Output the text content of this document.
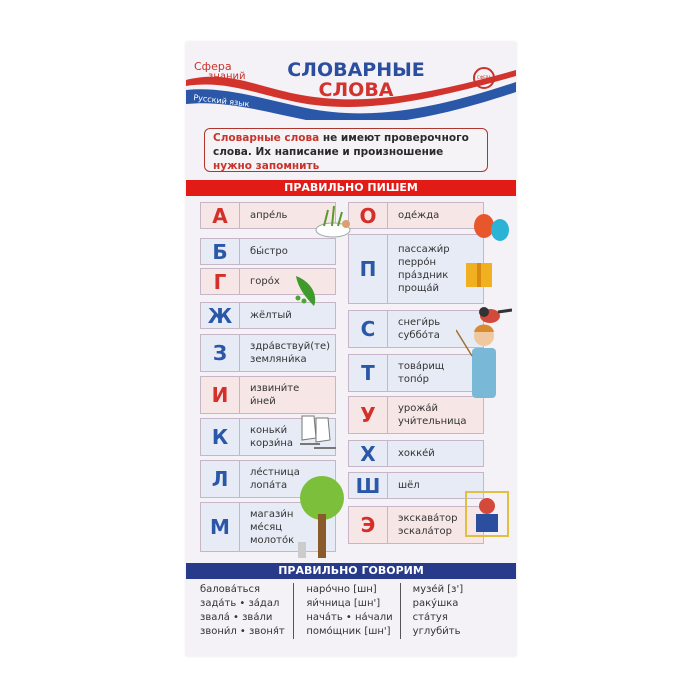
Сфера
знаний
Русский язык
СЛОВАРНЫЕ
СЛОВА
СФЕРА
Словарные слова не имеют проверочного слова. Их написание и произношение нужно запомнить
ПРАВИЛЬНО ПИШЕМ
А	апре́ль
Б	бы́стро
Г	горо́х
Ж	жёлтый
З	здра́вствуй(те)
земляни́ка
И	извини́те
и́ней
К	коньки́
корзи́на
Л	ле́стница
лопа́та
М
магази́н
ме́сяц
молото́к
О	оде́жда
П
пассажи́р
перро́н
пра́здник
проща́й
С	снеги́рь
суббо́та
Т	това́рищ
топо́р
У	урожа́й
учи́тельница
Х	хокке́й
Ш	шёл
Э	экскава́тор
эскала́тор
ПРАВИЛЬНО ГОВОРИМ
балова́ться
зада́ть • за́дал
звала́ • зва́ли
звони́л • звоня́т
наро́чно [шн]
яи́чница [шн']
нача́ть • на́чали
помо́щник [шн']
музе́й [з']
раку́шка
ста́туя
углуби́ть
